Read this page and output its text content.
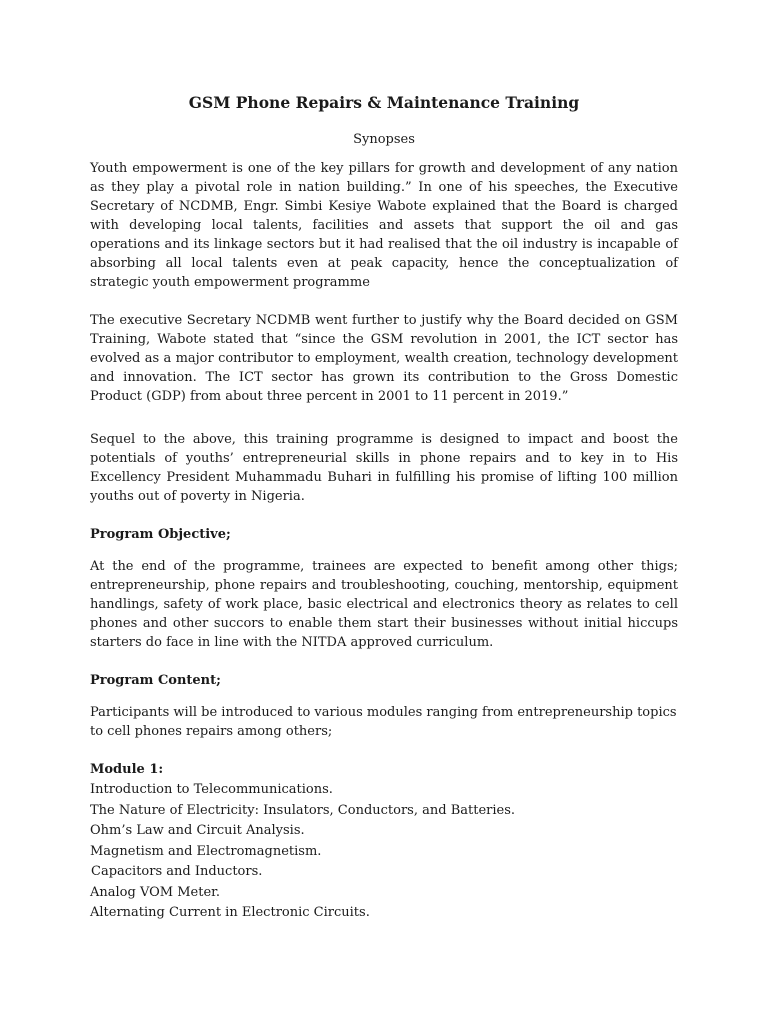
GSM Phone Repairs & Maintenance Training

Synopses

Youth empowerment is one of the key pillars for growth and development of any nation as they play a pivotal role in nation building.” In one of his speeches, the Executive Secretary of NCDMB, Engr. Simbi Kesiye Wabote explained that the Board is charged with developing local talents, facilities and assets that support the oil and gas operations and its linkage sectors but it had realised that the oil industry is incapable of absorbing all local talents even at peak capacity, hence the conceptualization of strategic youth empowerment programme

The executive Secretary NCDMB went further to justify why the Board decided on GSM Training, Wabote stated that “since the GSM revolution in 2001, the ICT sector has evolved as a major contributor to employment, wealth creation, technology development and innovation. The ICT sector has grown its contribution to the Gross Domestic Product (GDP) from about three percent in 2001 to 11 percent in 2019.”

Sequel to the above, this training programme is designed to impact and boost the potentials of youths’ entrepreneurial skills in phone repairs and to key in to His Excellency President Muhammadu Buhari in fulfilling his promise of lifting 100 million youths out of poverty in Nigeria.

Program Objective;

At the end of the programme, trainees are expected to benefit among other thigs; entrepreneurship, phone repairs and troubleshooting, couching, mentorship, equipment handlings, safety of work place, basic electrical and electronics theory as relates to cell phones and other succors to enable them start their businesses without initial hiccups starters do face in line with the NITDA approved curriculum.

Program Content;

Participants will be introduced to various modules ranging from entrepreneurship topics to cell phones repairs among others;

Module 1:

Introduction to Telecommunications.
The Nature of Electricity: Insulators, Conductors, and Batteries.
Ohm’s Law and Circuit Analysis.
Magnetism and Electromagnetism.
Capacitors and Inductors.
Analog VOM Meter.
Alternating Current in Electronic Circuits.
